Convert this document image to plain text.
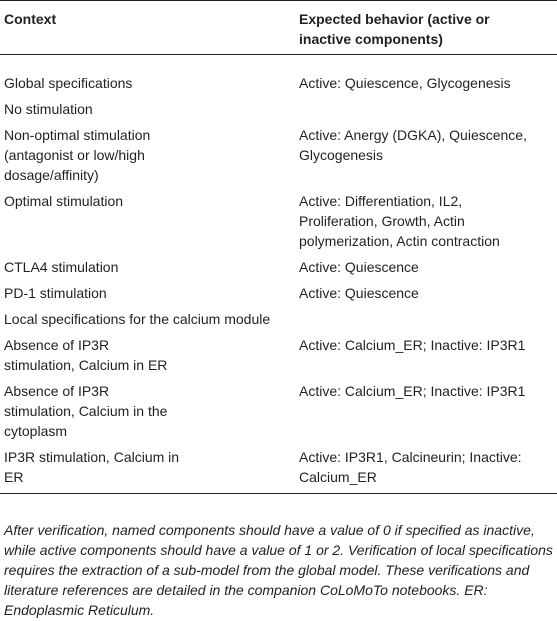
Context	Expected behavior (active or
inactive components)
Global specifications	Active: Quiescence, Glycogenesis
No stimulation	
Non-optimal stimulation
(antagonist or low/high
dosage/affinity)	Active: Anergy (DGKA), Quiescence,
Glycogenesis
Optimal stimulation	Active: Differentiation, IL2,
Proliferation, Growth, Actin
polymerization, Actin contraction
CTLA4 stimulation	Active: Quiescence
PD-1 stimulation	Active: Quiescence
Local specifications for the calcium module	
Absence of IP3R
stimulation, Calcium in ER	Active: Calcium_ER; Inactive: IP3R1
Absence of IP3R
stimulation, Calcium in the
cytoplasm	Active: Calcium_ER; Inactive: IP3R1
IP3R stimulation, Calcium in
ER	Active: IP3R1, Calcineurin; Inactive:
Calcium_ER
After verification, named components should have a value of 0 if specified as inactive, while active components should have a value of 1 or 2. Verification of local specifications requires the extraction of a sub-model from the global model. These verifications and literature references are detailed in the companion CoLoMoTo notebooks. ER: Endoplasmic Reticulum.
